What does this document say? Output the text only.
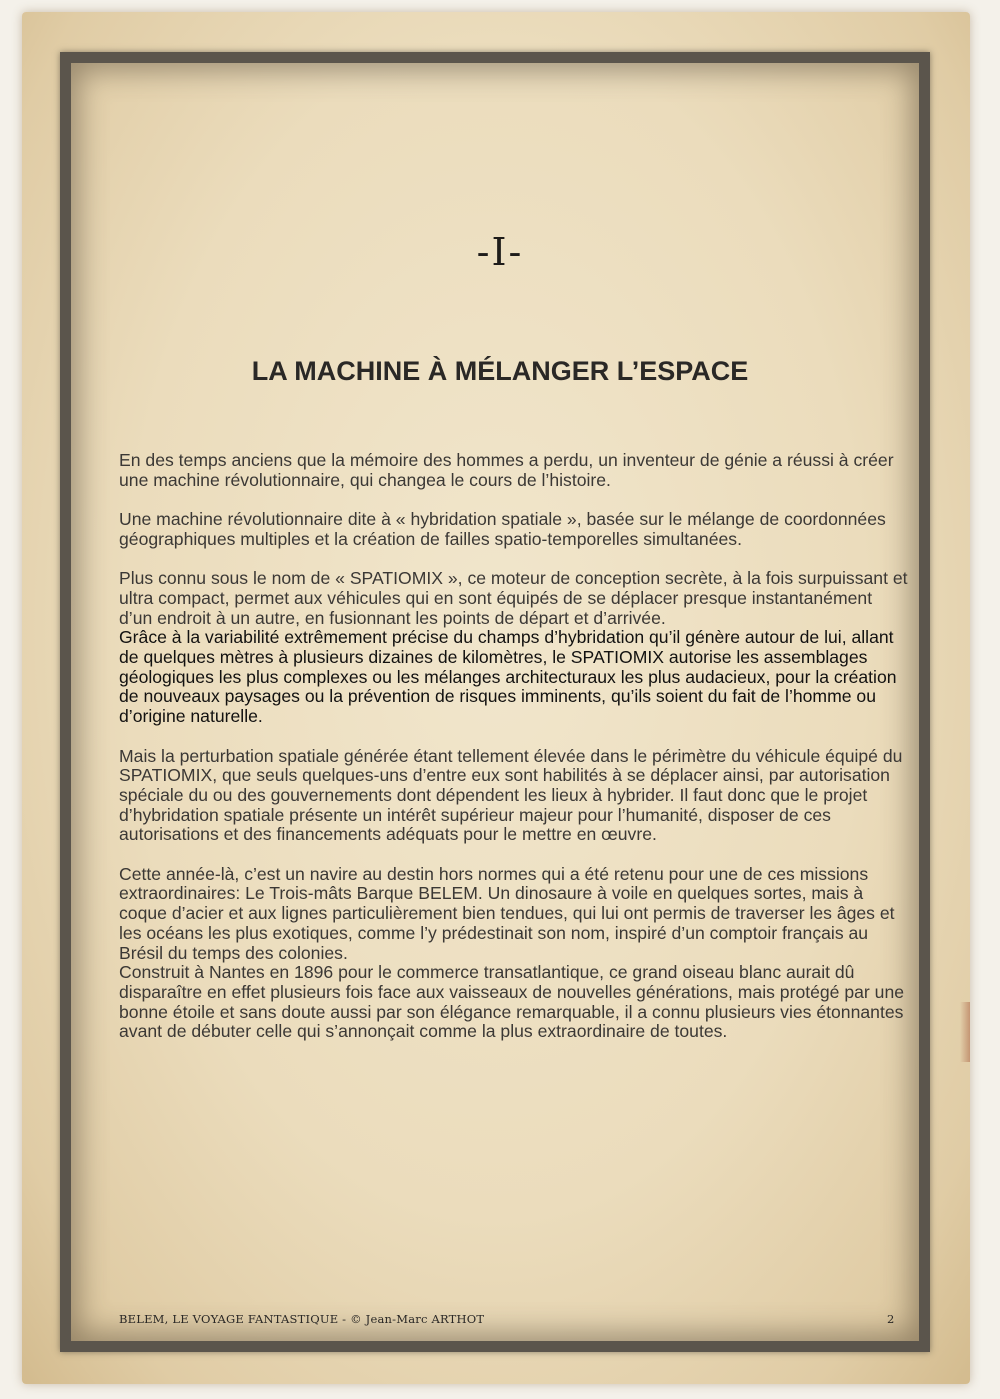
-I-
LA MACHINE À MÉLANGER L’ESPACE

En des temps anciens que la mémoire des hommes a perdu, un inventeur de génie a réussi à créer une machine révolutionnaire, qui changea le cours de l’histoire.

Une machine révolutionnaire dite à « hybridation spatiale », basée sur le mélange de coordonnées géographiques multiples et la création de failles spatio-temporelles simultanées.

Plus connu sous le nom de « SPATIOMIX », ce moteur de conception secrète, à la fois surpuissant et ultra compact, permet aux véhicules qui en sont équipés de se déplacer presque instantanément d’un endroit à un autre, en fusionnant les points de départ et d’arrivée.

Grâce à la variabilité extrêmement précise du champs d’hybridation qu’il génère autour de lui, allant de quelques mètres à plusieurs dizaines de kilomètres, le SPATIOMIX autorise les assemblages géologiques les plus complexes ou les mélanges architecturaux les plus audacieux, pour la création de nouveaux paysages ou la prévention de risques imminents, qu’ils soient du fait de l’homme ou d’origine naturelle.

Mais la perturbation spatiale générée étant tellement élevée dans le périmètre du véhicule équipé du SPATIOMIX, que seuls quelques-uns d’entre eux sont habilités à se déplacer ainsi, par autorisation spéciale du ou des gouvernements dont dépendent les lieux à hybrider. Il faut donc que le projet d’hybridation spatiale présente un intérêt supérieur majeur pour l’humanité, disposer de ces autorisations et des financements adéquats pour le mettre en œuvre.

Cette année-là, c’est un navire au destin hors normes qui a été retenu pour une de ces missions extraordinaires: Le Trois-mâts Barque BELEM. Un dinosaure à voile en quelques sortes, mais à coque d’acier et aux lignes particulièrement bien tendues, qui lui ont permis de traverser les âges et les océans les plus exotiques, comme l’y prédestinait son nom, inspiré d’un comptoir français au Brésil du temps des colonies.

Construit à Nantes en 1896 pour le commerce transatlantique, ce grand oiseau blanc aurait dû disparaître en effet plusieurs fois face aux vaisseaux de nouvelles générations, mais protégé par une bonne étoile et sans doute aussi par son élégance remarquable, il a connu plusieurs vies étonnantes avant de débuter celle qui s’annonçait comme la plus extraordinaire de toutes.

BELEM, LE VOYAGE FANTASTIQUE - © Jean-Marc ARTHOT	2
